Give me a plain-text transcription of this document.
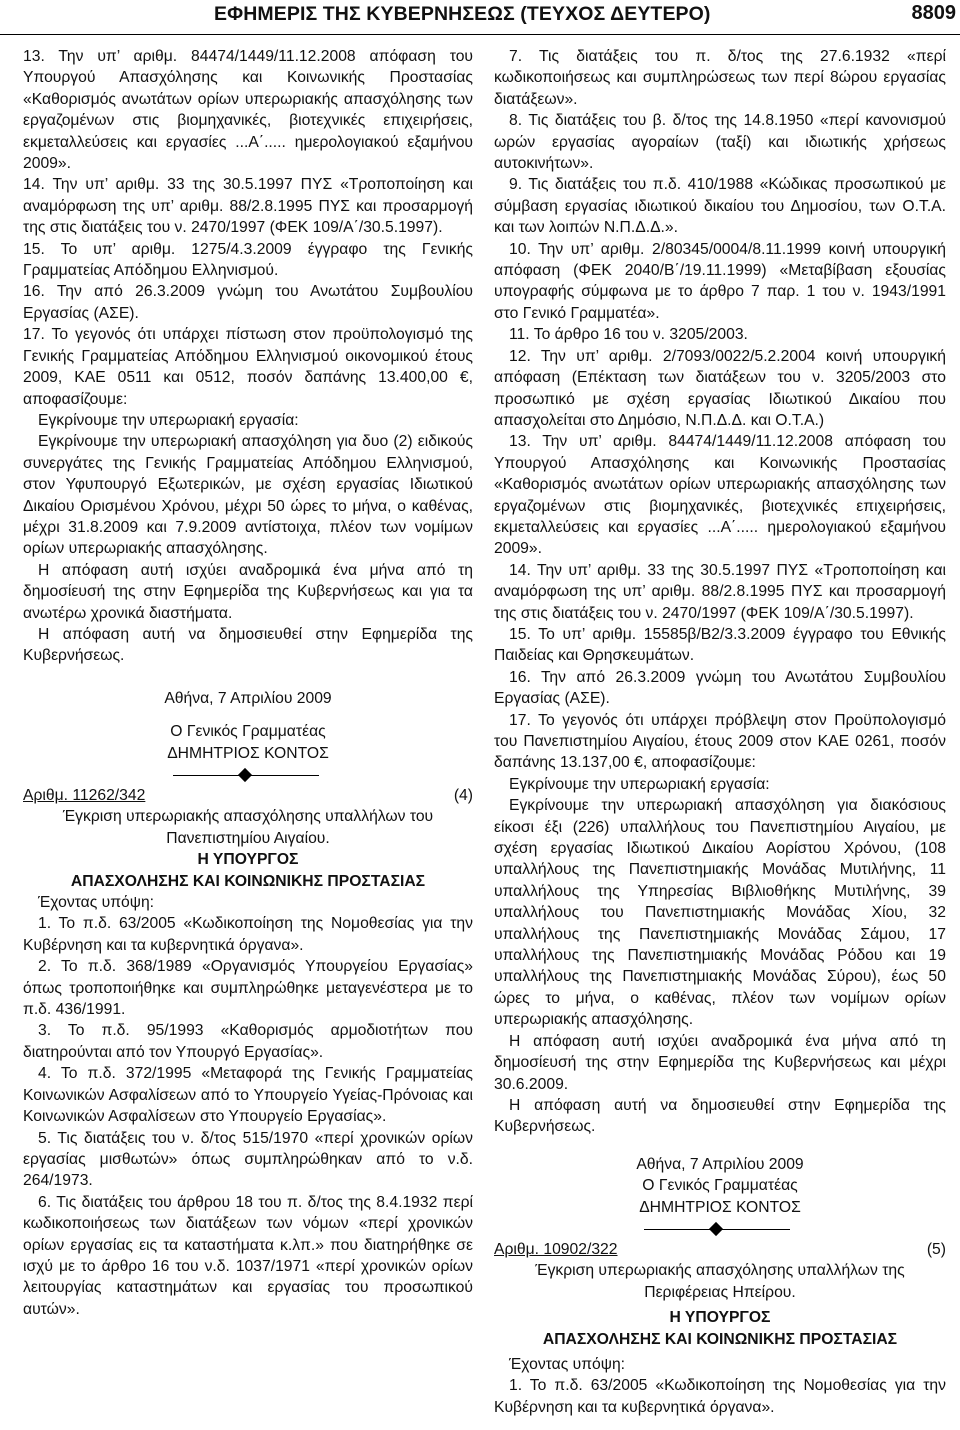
ΕΦΗΜΕΡΙΣ ΤΗΣ ΚΥΒΕΡΝΗΣΕΩΣ (ΤΕΥΧΟΣ ΔΕΥΤΕΡΟ)	8809

13. Την υπ’ αριθμ. 84474/1449/11.12.2008 απόφαση του Υπουργού Απασχόλησης και Κοινωνικής Προστασίας «Καθορισμός ανωτάτων ορίων υπερωριακής απασχόλησης των εργαζομένων στις βιομηχανικές, βιοτεχνικές επιχειρήσεις, εκμεταλλεύσεις και εργασίες ...Α΄..... ημερολογιακού εξαμήνου 2009».

14. Την υπ’ αριθμ. 33 της 30.5.1997 ΠΥΣ «Τροποποίηση και αναμόρφωση της υπ’ αριθμ. 88/2.8.1995 ΠΥΣ και προσαρμογή της στις διατάξεις του ν. 2470/1997 (ΦΕΚ 109/Α΄/30.5.1997).

15. Το υπ’ αριθμ. 1275/4.3.2009 έγγραφο της Γενικής Γραμματείας Απόδημου Ελληνισμού.

16. Την από 26.3.2009 γνώμη του Ανωτάτου Συμβουλίου Εργασίας (ΑΣΕ).

17. Το γεγονός ότι υπάρχει πίστωση στον προϋπολογισμό της Γενικής Γραμματείας Απόδημου Ελληνισμού οικονομικού έτους 2009, ΚΑΕ 0511 και 0512, ποσόν δαπάνης 13.400,00 €, αποφασίζουμε:

Εγκρίνουμε την υπερωριακή εργασία:

Εγκρίνουμε την υπερωριακή απασχόληση για δυο (2) ειδικούς συνεργάτες της Γενικής Γραμματείας Απόδημου Ελληνισμού, στον Υφυπουργό Εξωτερικών, με σχέση εργασίας Ιδιωτικού Δικαίου Ορισμένου Χρόνου, μέχρι 50 ώρες το μήνα, ο καθένας, μέχρι 31.8.2009 και 7.9.2009 αντίστοιχα, πλέον των νομίμων ορίων υπερωριακής απασχόλησης.

Η απόφαση αυτή ισχύει αναδρομικά ένα μήνα από τη δημοσίευσή της στην Εφημερίδα της Κυβερνήσεως και για τα ανωτέρω χρονικά διαστήματα.

Η απόφαση αυτή να δημοσιευθεί στην Εφημερίδα της Κυβερνήσεως.

Αθήνα, 7 Απριλίου 2009

Ο Γενικός Γραμματέας

ΔΗΜΗΤΡΙΟΣ ΚΟΝΤΟΣ

Αριθμ. 11262/342	(4)

Έγκριση υπερωριακής απασχόλησης υπαλλήλων του Πανεπιστημίου Αιγαίου.

Η ΥΠΟΥΡΓΟΣ

ΑΠΑΣΧΟΛΗΣΗΣ ΚΑΙ ΚΟΙΝΩΝΙΚΗΣ ΠΡΟΣΤΑΣΙΑΣ

Έχοντας υπόψη:

1. Το π.δ. 63/2005 «Κωδικοποίηση της Νομοθεσίας για την Κυβέρνηση και τα κυβερνητικά όργανα».

2. Το π.δ. 368/1989 «Οργανισμός Υπουργείου Εργασίας» όπως τροποποιήθηκε και συμπληρώθηκε μεταγενέστερα με το π.δ. 436/1991.

3. Το π.δ. 95/1993 «Καθορισμός αρμοδιοτήτων που διατηρούνται από τον Υπουργό Εργασίας».

4. Το π.δ. 372/1995 «Μεταφορά της Γενικής Γραμματείας Κοινωνικών Ασφαλίσεων από το Υπουργείο Υγείας-Πρόνοιας και Κοινωνικών Ασφαλίσεων στο Υπουργείο Εργασίας».

5. Τις διατάξεις του ν. δ/τος 515/1970 «περί χρονικών ορίων εργασίας μισθωτών» όπως συμπληρώθηκαν από το ν.δ. 264/1973.

6. Τις διατάξεις του άρθρου 18 του π. δ/τος της 8.4.1932 περί κωδικοποιήσεως των διατάξεων των νόμων «περί χρονικών ορίων εργασίας εις τα καταστήματα κ.λπ.» που διατηρήθηκε σε ισχύ με το άρθρο 16 του ν.δ. 1037/1971 «περί χρονικών ορίων λειτουργίας καταστημάτων και εργασίας του προσωπικού αυτών».

7. Τις διατάξεις του π. δ/τος της 27.6.1932 «περί κωδικοποιήσεως και συμπληρώσεως των περί 8ώρου εργασίας διατάξεων».

8. Τις διατάξεις του β. δ/τος της 14.8.1950 «περί κανονισμού ωρών εργασίας αγοραίων (ταξί) και ιδιωτικής χρήσεως αυτοκινήτων».

9. Τις διατάξεις του π.δ. 410/1988 «Κώδικας προσωπικού με σύμβαση εργασίας ιδιωτικού δικαίου του Δημοσίου, των Ο.Τ.Α. και των λοιπών Ν.Π.Δ.Δ.».

10. Την υπ’ αριθμ. 2/80345/0004/8.11.1999 κοινή υπουργική απόφαση (ΦΕΚ 2040/Β΄/19.11.1999) «Μεταβίβαση εξουσίας υπογραφής σύμφωνα με το άρθρο 7 παρ. 1 του ν. 1943/1991 στο Γενικό Γραμματέα».

11. Το άρθρο 16 του ν. 3205/2003.

12. Την υπ’ αριθμ. 2/7093/0022/5.2.2004 κοινή υπουργική απόφαση (Επέκταση των διατάξεων του ν. 3205/2003 στο προσωπικό με σχέση εργασίας Ιδιωτικού Δικαίου που απασχολείται στο Δημόσιο, Ν.Π.Δ.Δ. και Ο.Τ.Α.)

13. Την υπ’ αριθμ. 84474/1449/11.12.2008 απόφαση του Υπουργού Απασχόλησης και Κοινωνικής Προστασίας «Καθορισμός ανωτάτων ορίων υπερωριακής απασχόλησης των εργαζομένων στις βιομηχανικές, βιοτεχνικές επιχειρήσεις, εκμεταλλεύσεις και εργασίες ...Α΄..... ημερολογιακού εξαμήνου 2009».

14. Την υπ’ αριθμ. 33 της 30.5.1997 ΠΥΣ «Τροποποίηση και αναμόρφωση της υπ’ αριθμ. 88/2.8.1995 ΠΥΣ και προσαρμογή της στις διατάξεις του ν. 2470/1997 (ΦΕΚ 109/Α΄/30.5.1997).

15. Το υπ’ αριθμ. 15585β/Β2/3.3.2009 έγγραφο του Εθνικής Παιδείας και Θρησκευμάτων.

16. Την από 26.3.2009 γνώμη του Ανωτάτου Συμβουλίου Εργασίας (ΑΣΕ).

17. Το γεγονός ότι υπάρχει πρόβλεψη στον Προϋπολογισμό του Πανεπιστημίου Αιγαίου, έτους 2009 στον ΚΑΕ 0261, ποσόν δαπάνης 13.137,00 €, αποφασίζουμε:

Εγκρίνουμε την υπερωριακή εργασία:

Εγκρίνουμε την υπερωριακή απασχόληση για διακόσιους είκοσι έξι (226) υπαλλήλους του Πανεπιστημίου Αιγαίου, με σχέση εργασίας Ιδιωτικού Δικαίου Αορίστου Χρόνου, (108 υπαλλήλους της Πανεπιστημιακής Μονάδας Μυτιλήνης, 11 υπαλλήλους της Υπηρεσίας Βιβλιοθήκης Μυτιλήνης, 39 υπαλλήλους του Πανεπιστημιακής Μονάδας Χίου, 32 υπαλλήλους της Πανεπιστημιακής Μονάδας Σάμου, 17 υπαλλήλους της Πανεπιστημιακής Μονάδας Ρόδου και 19 υπαλλήλους της Πανεπιστημιακής Μονάδας Σύρου), έως 50 ώρες το μήνα, ο καθένας, πλέον των νομίμων ορίων υπερωριακής απασχόλησης.

Η απόφαση αυτή ισχύει αναδρομικά ένα μήνα από τη δημοσίευσή της στην Εφημερίδα της Κυβερνήσεως και μέχρι 30.6.2009.

Η απόφαση αυτή να δημοσιευθεί στην Εφημερίδα της Κυβερνήσεως.

Αθήνα, 7 Απριλίου 2009

Ο Γενικός Γραμματέας

ΔΗΜΗΤΡΙΟΣ ΚΟΝΤΟΣ

Αριθμ. 10902/322	(5)

Έγκριση υπερωριακής απασχόλησης υπαλλήλων της Περιφέρειας Ηπείρου.

Η ΥΠΟΥΡΓΟΣ

ΑΠΑΣΧΟΛΗΣΗΣ ΚΑΙ ΚΟΙΝΩΝΙΚΗΣ ΠΡΟΣΤΑΣΙΑΣ

Έχοντας υπόψη:

1. Το π.δ. 63/2005 «Κωδικοποίηση της Νομοθεσίας για την Κυβέρνηση και τα κυβερνητικά όργανα».
